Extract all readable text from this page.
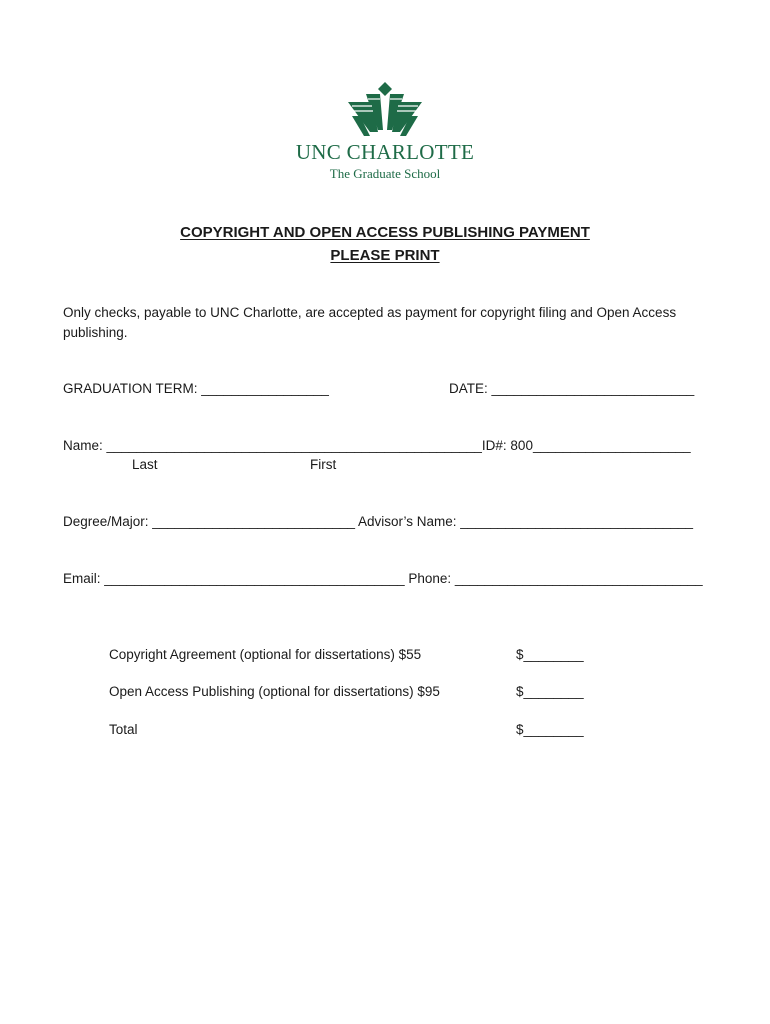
UNC CHARLOTTE
The Graduate School
COPYRIGHT AND OPEN ACCESS PUBLISHING PAYMENT
PLEASE PRINT
Only checks, payable to UNC Charlotte, are accepted as payment for copyright filing and Open Access
publishing.
GRADUATION TERM: _________________	DATE: ___________________________
Name: __________________________________________________ID#: 800_____________________
Last	First
Degree/Major: ___________________________ Advisor’s Name: _______________________________
Email: ________________________________________ Phone: _________________________________
Copyright Agreement (optional for dissertations) $55	$________
Open Access Publishing (optional for dissertations) $95	$________
Total	$________
